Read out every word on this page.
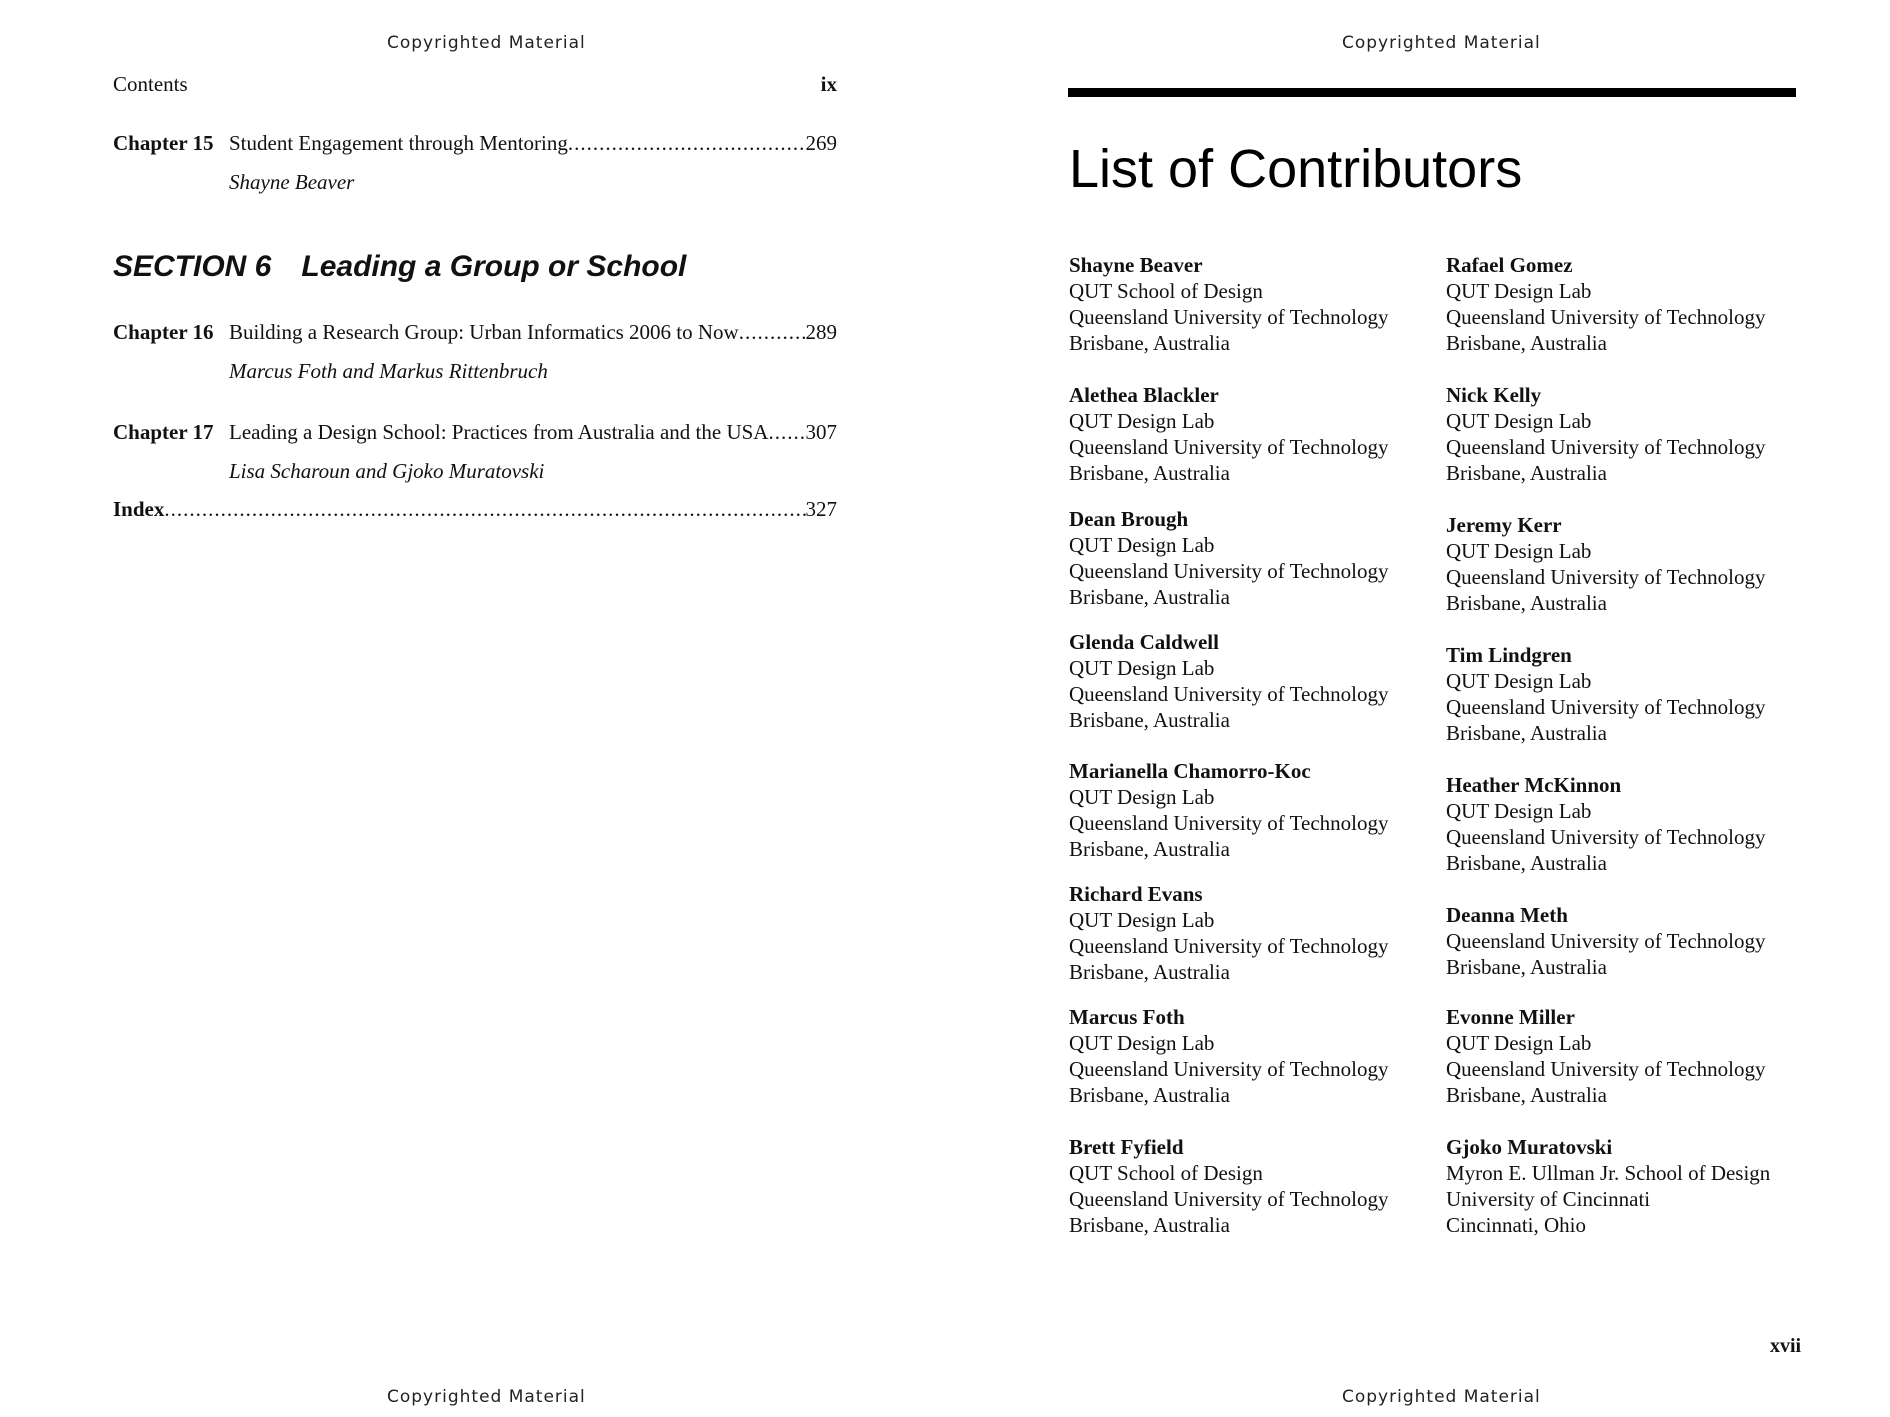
Copyrighted Material
Contents	ix
Chapter 15 Student Engagement through Mentoring .....	269
Shayne Beaver
SECTION 6 Leading a Group or School
Chapter 16 Building a Research Group: Urban Informatics 2006 to Now .....	289
Marcus Foth and Markus Rittenbruch
Chapter 17 Leading a Design School: Practices from Australia and the USA ..... 307
Lisa Scharoun and Gjoko Muratovski
Index .....	327
Copyrighted Material
Copyrighted Material
List of Contributors
Shayne Beaver
QUT School of Design
Queensland University of Technology
Brisbane, Australia
Alethea Blackler
QUT Design Lab
Queensland University of Technology
Brisbane, Australia
Dean Brough
QUT Design Lab
Queensland University of Technology
Brisbane, Australia
Glenda Caldwell
QUT Design Lab
Queensland University of Technology
Brisbane, Australia
Marianella Chamorro-Koc
QUT Design Lab
Queensland University of Technology
Brisbane, Australia
Richard Evans
QUT Design Lab
Queensland University of Technology
Brisbane, Australia
Marcus Foth
QUT Design Lab
Queensland University of Technology
Brisbane, Australia
Brett Fyfield
QUT School of Design
Queensland University of Technology
Brisbane, Australia
Rafael Gomez
QUT Design Lab
Queensland University of Technology
Brisbane, Australia
Nick Kelly
QUT Design Lab
Queensland University of Technology
Brisbane, Australia
Jeremy Kerr
QUT Design Lab
Queensland University of Technology
Brisbane, Australia
Tim Lindgren
QUT Design Lab
Queensland University of Technology
Brisbane, Australia
Heather McKinnon
QUT Design Lab
Queensland University of Technology
Brisbane, Australia
Deanna Meth
Queensland University of Technology
Brisbane, Australia
Evonne Miller
QUT Design Lab
Queensland University of Technology
Brisbane, Australia
Gjoko Muratovski
Myron E. Ullman Jr. School of Design
University of Cincinnati
Cincinnati, Ohio
xvii
Copyrighted Material
